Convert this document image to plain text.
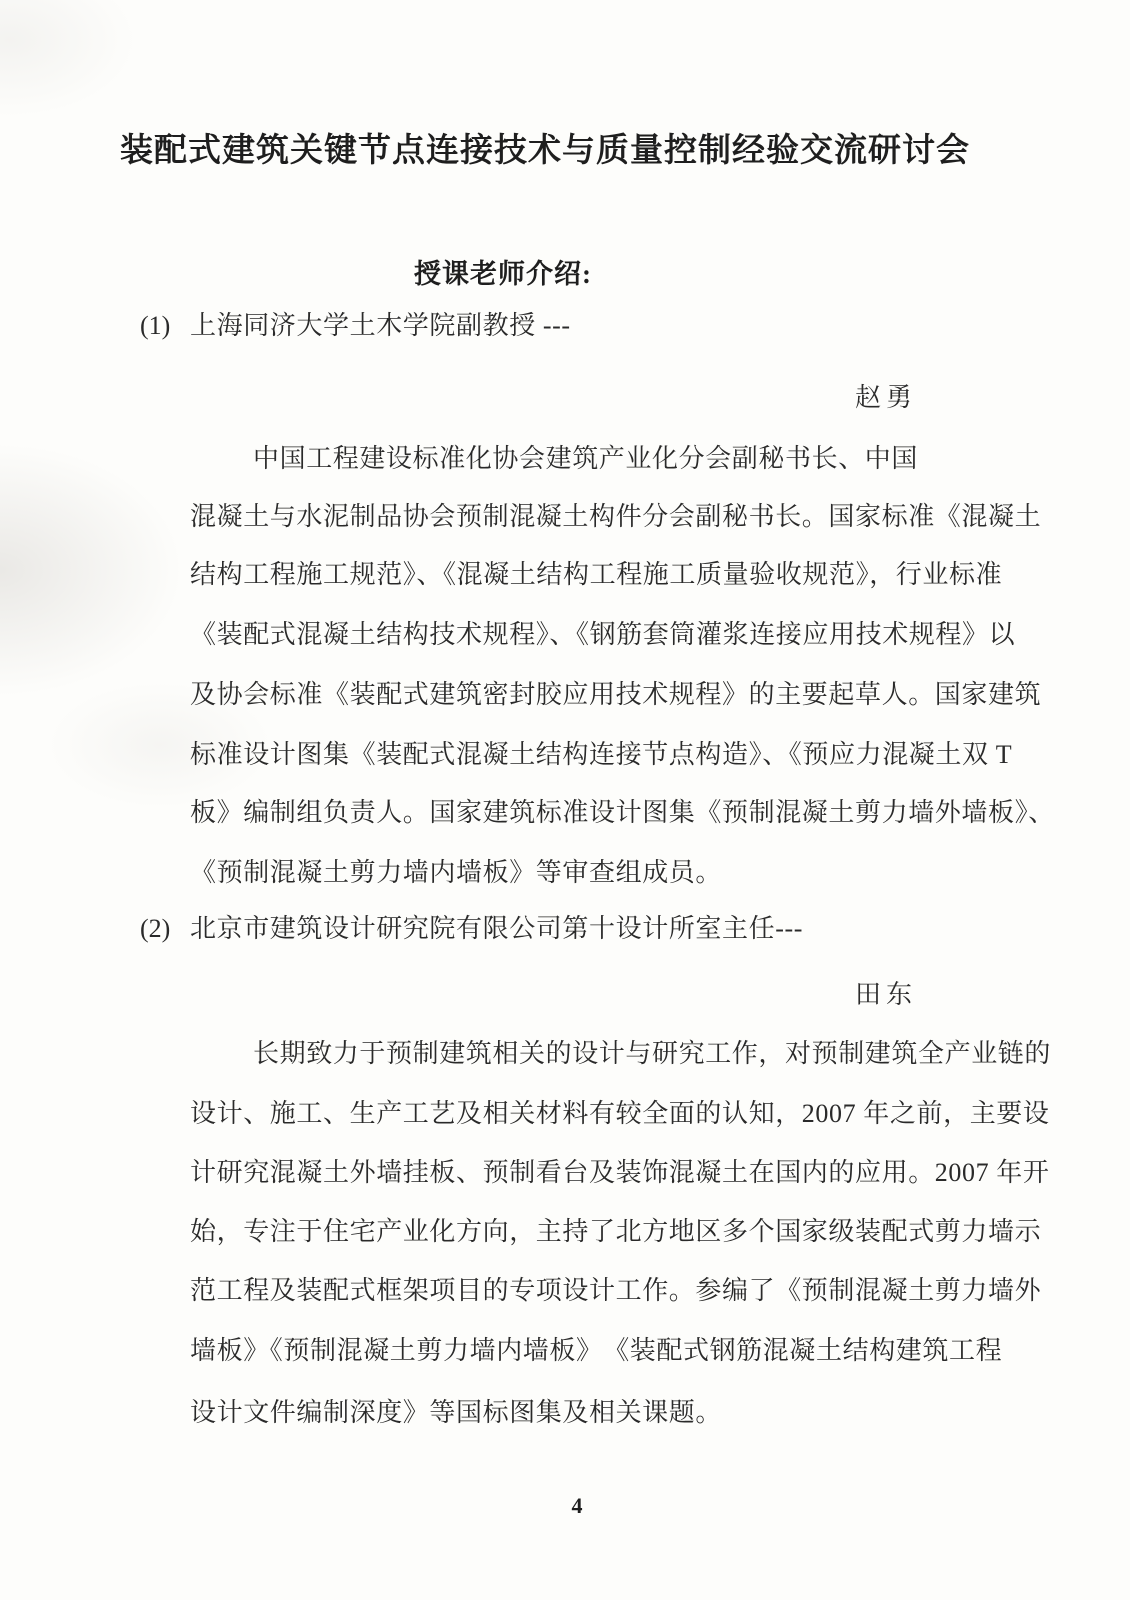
装配式建筑关键节点连接技术与质量控制经验交流研讨会
授课老师介绍:
(1) 上海同济大学土木学院副教授 ---
赵勇
中国工程建设标准化协会建筑产业化分会副秘书长、中国
混凝土与水泥制品协会预制混凝土构件分会副秘书长。国家标准《混凝土
结构工程施工规范》、《混凝土结构工程施工质量验收规范》，行业标准
《装配式混凝土结构技术规程》、《钢筋套筒灌浆连接应用技术规程》以
及协会标准《装配式建筑密封胶应用技术规程》的主要起草人。国家建筑
标准设计图集《装配式混凝土结构连接节点构造》、《预应力混凝土双 T
板》编制组负责人。国家建筑标准设计图集《预制混凝土剪力墙外墙板》、
《预制混凝土剪力墙内墙板》等审查组成员。
(2) 北京市建筑设计研究院有限公司第十设计所室主任---
田东
长期致力于预制建筑相关的设计与研究工作，对预制建筑全产业链的
设计、施工、生产工艺及相关材料有较全面的认知，2007 年之前，主要设
计研究混凝土外墙挂板、预制看台及装饰混凝土在国内的应用。2007 年开
始，专注于住宅产业化方向，主持了北方地区多个国家级装配式剪力墙示
范工程及装配式框架项目的专项设计工作。参编了《预制混凝土剪力墙外
墙板》《预制混凝土剪力墙内墙板》　《装配式钢筋混凝土结构建筑工程
设计文件编制深度》等国标图集及相关课题。
4
